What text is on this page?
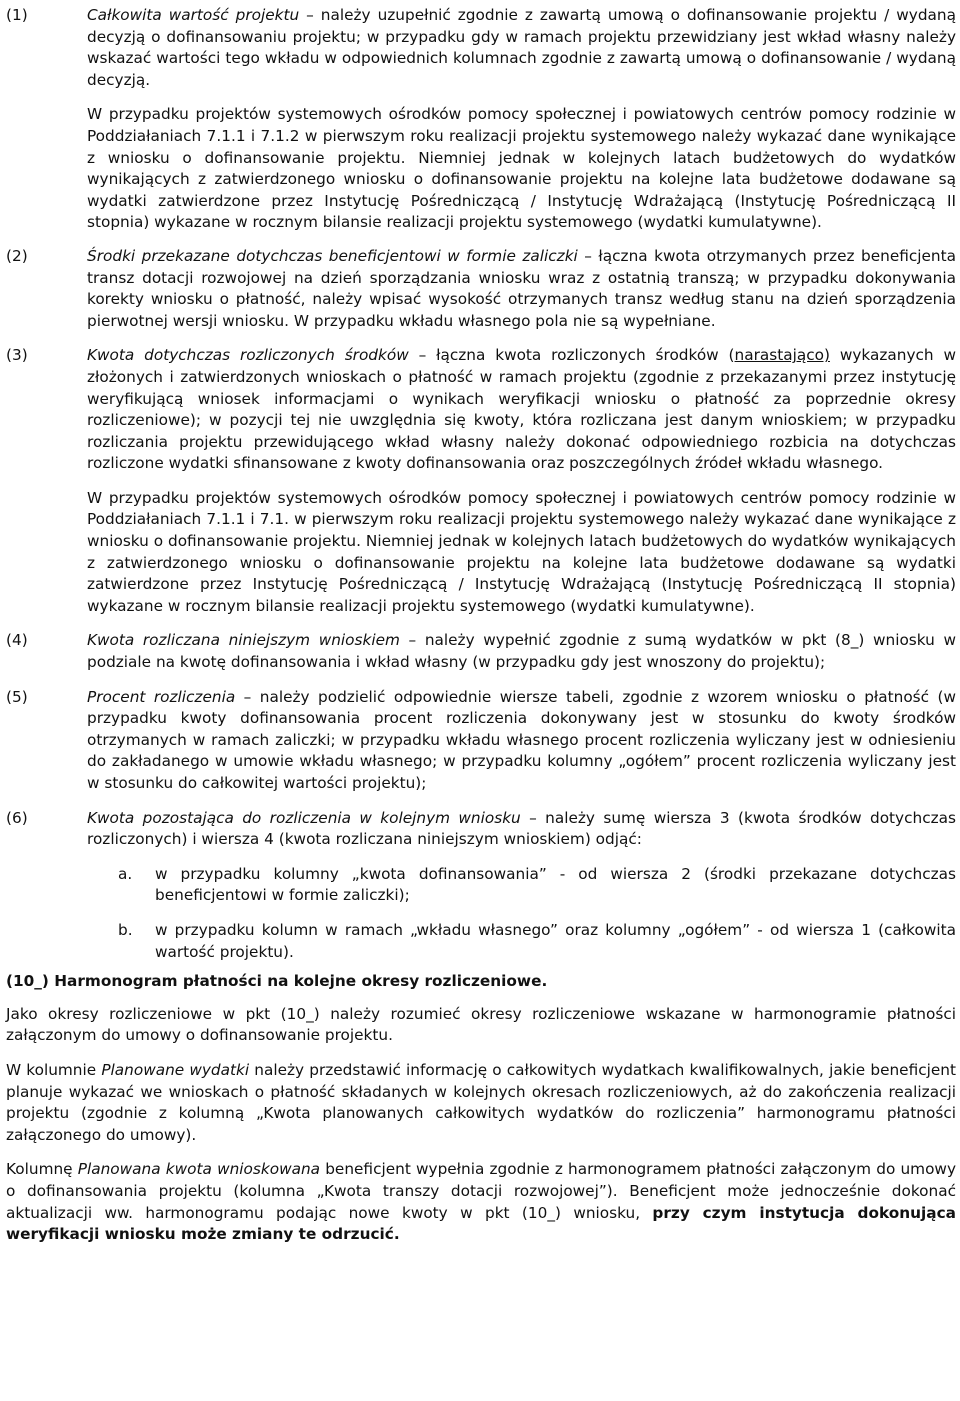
(1)	Całkowita wartość projektu – należy uzupełnić zgodnie z zawartą umową o dofinansowanie projektu / wydaną decyzją o dofinansowaniu projektu; w przypadku gdy w ramach projektu przewidziany jest wkład własny należy wskazać wartości tego wkładu w odpowiednich kolumnach zgodnie z zawartą umową o dofinansowanie / wydaną decyzją.

W przypadku projektów systemowych ośrodków pomocy społecznej i powiatowych centrów pomocy rodzinie w Poddziałaniach 7.1.1 i 7.1.2 w pierwszym roku realizacji projektu systemowego należy wykazać dane wynikające z wniosku o dofinansowanie projektu. Niemniej jednak w kolejnych latach budżetowych do wydatków wynikających z zatwierdzonego wniosku o dofinansowanie projektu na kolejne lata budżetowe dodawane są wydatki zatwierdzone przez Instytucję Pośredniczącą / Instytucję Wdrażającą (Instytucję Pośredniczącą II stopnia) wykazane w rocznym bilansie realizacji projektu systemowego (wydatki kumulatywne).

(2)	Środki przekazane dotychczas beneficjentowi w formie zaliczki – łączna kwota otrzymanych przez beneficjenta transz dotacji rozwojowej na dzień sporządzania wniosku wraz z ostatnią transzą; w przypadku dokonywania korekty wniosku o płatność, należy wpisać wysokość otrzymanych transz według stanu na dzień sporządzenia pierwotnej wersji wniosku. W przypadku wkładu własnego pola nie są wypełniane.

(3)	Kwota dotychczas rozliczonych środków – łączna kwota rozliczonych środków (narastająco) wykazanych w złożonych i zatwierdzonych wnioskach o płatność w ramach projektu (zgodnie z przekazanymi przez instytucję weryfikującą wniosek informacjami o wynikach weryfikacji wniosku o płatność za poprzednie okresy rozliczeniowe); w pozycji tej nie uwzględnia się kwoty, która rozliczana jest danym wnioskiem; w przypadku rozliczania projektu przewidującego wkład własny należy dokonać odpowiedniego rozbicia na dotychczas rozliczone wydatki sfinansowane z kwoty dofinansowania oraz poszczególnych źródeł wkładu własnego.

W przypadku projektów systemowych ośrodków pomocy społecznej i powiatowych centrów pomocy rodzinie w Poddziałaniach 7.1.1 i 7.1. w pierwszym roku realizacji projektu systemowego należy wykazać dane wynikające z wniosku o dofinansowanie projektu. Niemniej jednak w kolejnych latach budżetowych do wydatków wynikających z zatwierdzonego wniosku o dofinansowanie projektu na kolejne lata budżetowe dodawane są wydatki zatwierdzone przez Instytucję Pośredniczącą / Instytucję Wdrażającą (Instytucję Pośredniczącą II stopnia) wykazane w rocznym bilansie realizacji projektu systemowego (wydatki kumulatywne).

(4)	Kwota rozliczana niniejszym wnioskiem – należy wypełnić zgodnie z sumą wydatków w pkt (8_) wniosku w podziale na kwotę dofinansowania i wkład własny (w przypadku gdy jest wnoszony do projektu);

(5)	Procent rozliczenia – należy podzielić odpowiednie wiersze tabeli, zgodnie z wzorem wniosku o płatność (w przypadku kwoty dofinansowania procent rozliczenia dokonywany jest w stosunku do kwoty środków otrzymanych w ramach zaliczki; w przypadku wkładu własnego procent rozliczenia wyliczany jest w odniesieniu do zakładanego w umowie wkładu własnego; w przypadku kolumny „ogółem” procent rozliczenia wyliczany jest w stosunku do całkowitej wartości projektu);

(6)	Kwota pozostająca do rozliczenia w kolejnym wniosku – należy sumę wiersza 3 (kwota środków dotychczas rozliczonych) i wiersza 4 (kwota rozliczana niniejszym wnioskiem) odjąć:

a. w przypadku kolumny „kwota dofinansowania” - od wiersza 2 (środki przekazane dotychczas beneficjentowi w formie zaliczki);

b. w przypadku kolumn w ramach „wkładu własnego” oraz kolumny „ogółem” - od wiersza 1 (całkowita wartość projektu).

(10_) Harmonogram płatności na kolejne okresy rozliczeniowe.

Jako okresy rozliczeniowe w pkt (10_) należy rozumieć okresy rozliczeniowe wskazane w harmonogramie płatności załączonym do umowy o dofinansowanie projektu.

W kolumnie Planowane wydatki należy przedstawić informację o całkowitych wydatkach kwalifikowalnych, jakie beneficjent planuje wykazać we wnioskach o płatność składanych w kolejnych okresach rozliczeniowych, aż do zakończenia realizacji projektu (zgodnie z kolumną „Kwota planowanych całkowitych wydatków do rozliczenia” harmonogramu płatności załączonego do umowy).

Kolumnę Planowana kwota wnioskowana beneficjent wypełnia zgodnie z harmonogramem płatności załączonym do umowy o dofinansowania projektu (kolumna „Kwota transzy dotacji rozwojowej”). Beneficjent może jednocześnie dokonać aktualizacji ww. harmonogramu podając nowe kwoty w pkt (10_) wniosku, przy czym instytucja dokonująca weryfikacji wniosku może zmiany te odrzucić.
